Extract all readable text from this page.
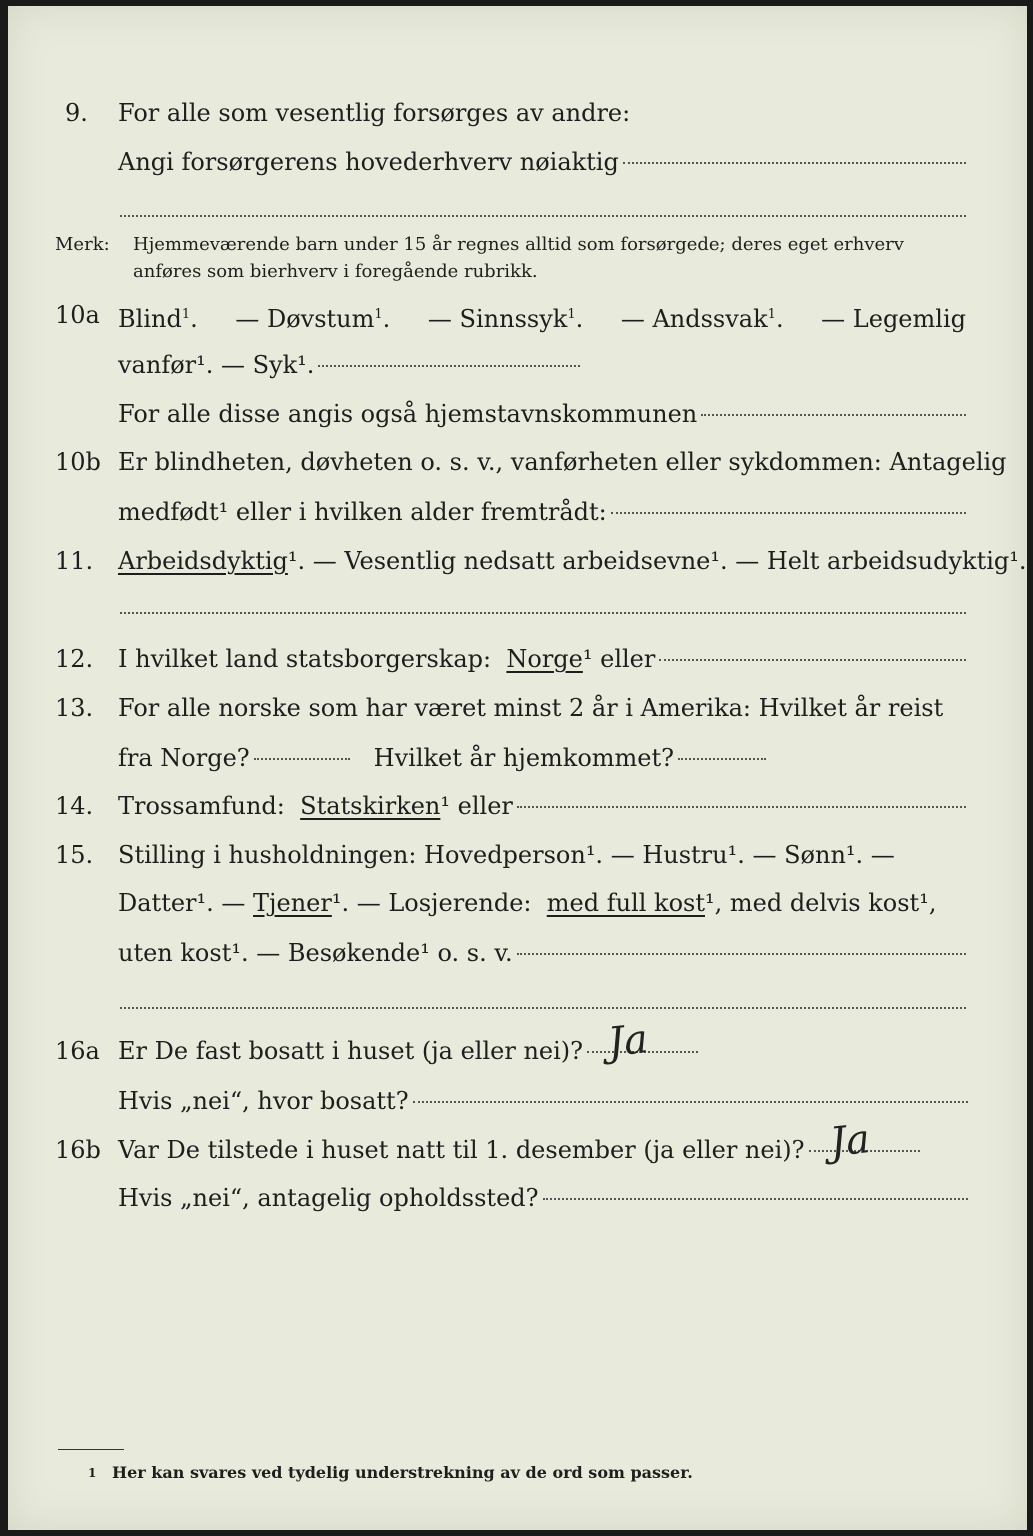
9. For alle som vesentlig forsørges av andre:
Angi forsørgerens hovederhverv nøiaktig
Merk: Hjemmeværende barn under 15 år regnes alltid som forsørgede; deres eget erhverv
anføres som bierhverv i foregående rubrikk.
10a Blind$^1$. — Døvstum$^1$. — Sinnssyk$^1$. — Andssvak$^1$. — Legemlig
vanfør¹. — Syk¹.
For alle disse angis også hjemstavnskommunen
10b Er blindheten, døvheten o. s. v., vanførheten eller sykdommen: Antagelig
medfødt¹ eller i hvilken alder fremtrådt:
11. Arbeidsdyktig ¹. — Vesentlig nedsatt arbeidsevne¹. — Helt arbeidsudyktig¹.
12. I hvilket land statsborgerskap:
Norge ¹ eller
13. For alle norske som har været minst 2 år i Amerika: Hvilket år reist
fra Norge?	Hvilket år hjemkommet?
14. Trossamfund:
Statskirken ¹ eller
15. Stilling i husholdningen: Hovedperson¹. — Hustru¹. — Sønn¹. —
Datter¹. —
Tjener ¹. — Losjerende:
med full kost ¹, med delvis kost¹,
uten kost¹. — Besøkende¹ o. s. v.
16a Er De fast bosatt i huset (ja eller nei)? Ja
Hvis „nei“, hvor bosatt?
16b Var De tilstede i huset natt til 1. desember (ja eller nei)? Ja
Hvis „nei“, antagelig opholdssted?
1 Her kan svares ved tydelig understrekning av de ord som passer.
